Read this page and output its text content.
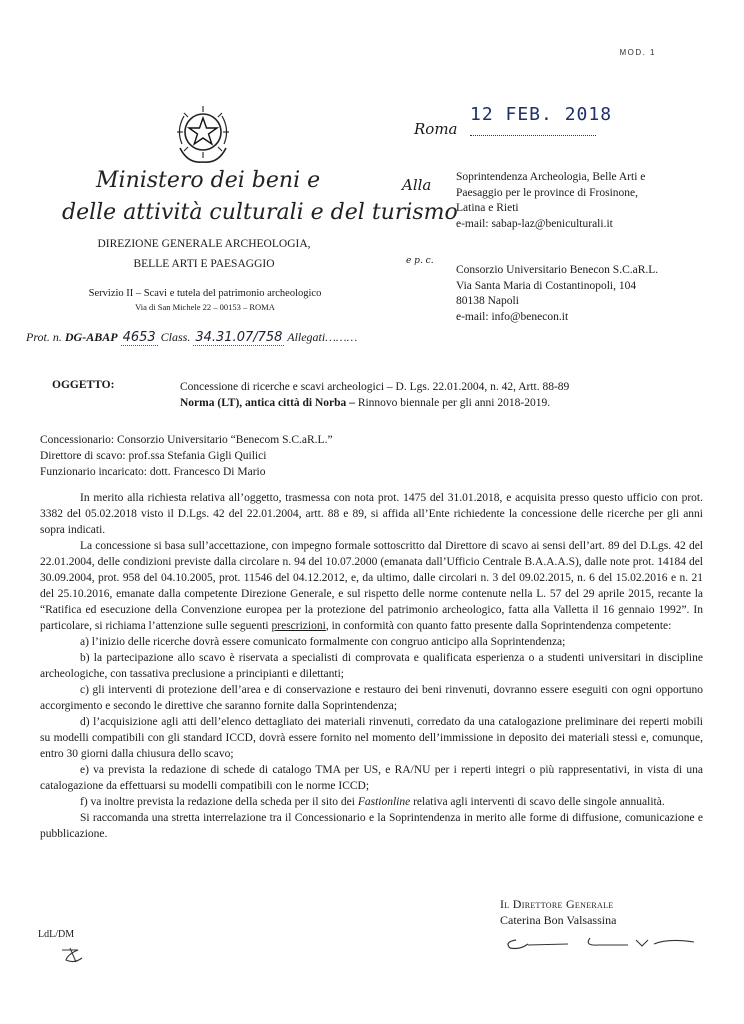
MOD. 1
Ministero dei beni e
delle attività culturali e del turismo
DIREZIONE GENERALE ARCHEOLOGIA,
BELLE ARTI E PAESAGGIO
Servizio II – Scavi e tutela del patrimonio archeologico
Via di San Michele 22 – 00153 – ROMA
Roma
12 FEB. 2018
Alla Soprintendenza Archeologia, Belle Arti e
Paesaggio per le province di Frosinone,
Latina e Rieti
e-mail: sabap-laz@beniculturali.it
e p. c.
Consorzio Universitario Benecon S.C.aR.L.
Via Santa Maria di Costantinopoli, 104
80138 Napoli
e-mail: info@benecon.it
Prot. n. DG-ABAP 4653 Class. 34.31.07/758 Allegati………
OGGETTO:	Concessione di ricerche e scavi archeologici – D. Lgs. 22.01.2004, n. 42, Artt. 88-89
Norma (LT), antica città di Norba – Rinnovo biennale per gli anni 2018-2019.
Concessionario: Consorzio Universitario “Benecom S.C.aR.L.”
Direttore di scavo: prof.ssa Stefania Gigli Quilici
Funzionario incaricato: dott. Francesco Di Mario

In merito alla richiesta relativa all’oggetto, trasmessa con nota prot. 1475 del 31.01.2018, e acquisita presso questo ufficio con prot. 3382 del 05.02.2018 visto il D.Lgs. 42 del 22.01.2004, artt. 88 e 89, si affida all’Ente richiedente la concessione delle ricerche per gli anni sopra indicati.

La concessione si basa sull’accettazione, con impegno formale sottoscritto dal Direttore di scavo ai sensi dell’art. 89 del D.Lgs. 42 del 22.01.2004, delle condizioni previste dalla circolare n. 94 del 10.07.2000 (emanata dall’Ufficio Centrale B.A.A.A.S), dalle note prot. 14184 del 30.09.2004, prot. 958 del 04.10.2005, prot. 11546 del 04.12.2012, e, da ultimo, dalle circolari n. 3 del 09.02.2015, n. 6 del 15.02.2016 e n. 21 del 25.10.2016, emanate dalla competente Direzione Generale, e sul rispetto delle norme contenute nella L. 57 del 29 aprile 2015, recante la “Ratifica ed esecuzione della Convenzione europea per la protezione del patrimonio archeologico, fatta alla Valletta il 16 gennaio 1992”. In particolare, si richiama l’attenzione sulle seguenti prescrizioni, in conformità con quanto fatto presente dalla Soprintendenza competente:

a) l’inizio delle ricerche dovrà essere comunicato formalmente con congruo anticipo alla Soprintendenza;

b) la partecipazione allo scavo è riservata a specialisti di comprovata e qualificata esperienza o a studenti universitari in discipline archeologiche, con tassativa preclusione a principianti e dilettanti;

c) gli interventi di protezione dell’area e di conservazione e restauro dei beni rinvenuti, dovranno essere eseguiti con ogni opportuno accorgimento e secondo le direttive che saranno fornite dalla Soprintendenza;

d) l’acquisizione agli atti dell’elenco dettagliato dei materiali rinvenuti, corredato da una catalogazione preliminare dei reperti mobili su modelli compatibili con gli standard ICCD, dovrà essere fornito nel momento dell’immissione in deposito dei materiali stessi e, comunque, entro 30 giorni dalla chiusura dello scavo;

e) va prevista la redazione di schede di catalogo TMA per US, e RA/NU per i reperti integri o più rappresentativi, in vista di una catalogazione da effettuarsi su modelli compatibili con le norme ICCD;

f) va inoltre prevista la redazione della scheda per il sito dei Fastionline relativa agli interventi di scavo delle singole annualità.

Si raccomanda una stretta interrelazione tra il Concessionario e la Soprintendenza in merito alle forme di diffusione, comunicazione e pubblicazione.

Il Direttore Generale
Caterina Bon Valsassina
LdL/DM
